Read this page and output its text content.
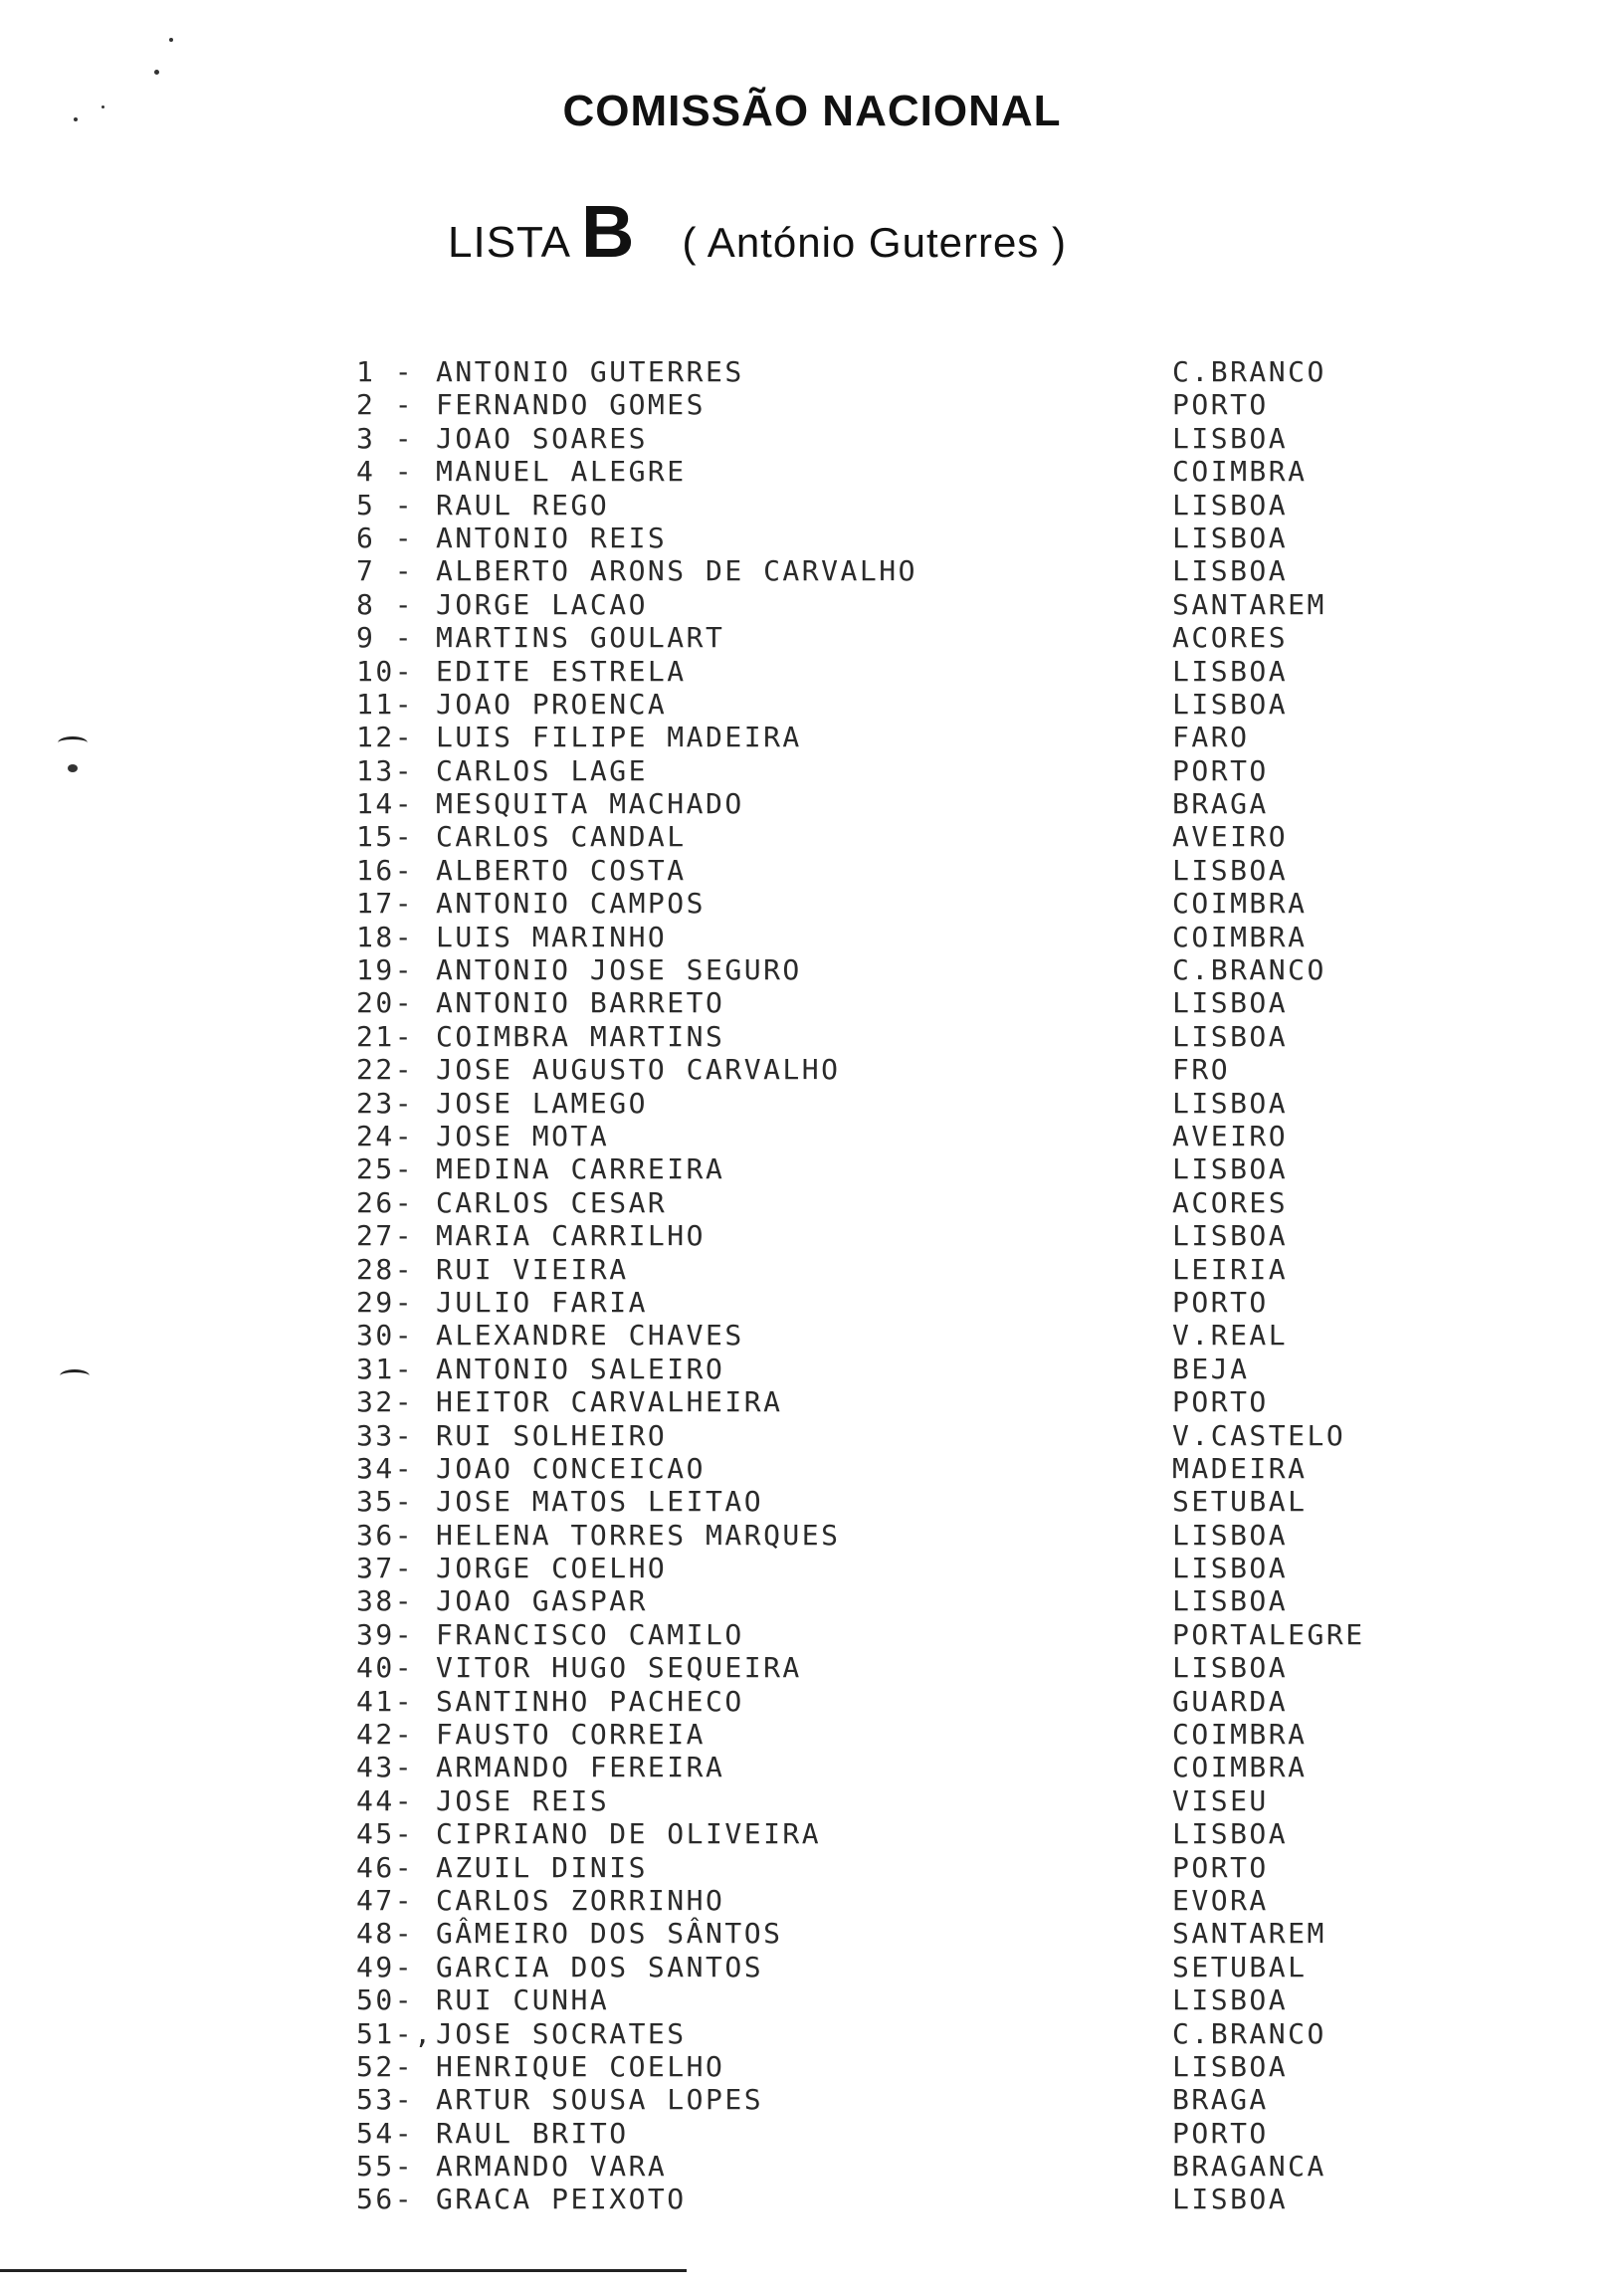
COMISSÃO NACIONAL
LISTA B ( António Guterres )
1 - ANTONIO GUTERRES	C.BRANCO
2 - FERNANDO GOMES	PORTO
3 - JOAO SOARES	LISBOA
4 - MANUEL ALEGRE	COIMBRA
5 - RAUL REGO	LISBOA
6 - ANTONIO REIS	LISBOA
7 - ALBERTO ARONS DE CARVALHO	LISBOA
8 - JORGE LACAO	SANTAREM
9 - MARTINS GOULART	ACORES
10- EDITE ESTRELA	LISBOA
11- JOAO PROENCA	LISBOA
12- LUIS FILIPE MADEIRA	FARO
13- CARLOS LAGE	PORTO
14- MESQUITA MACHADO	BRAGA
15- CARLOS CANDAL	AVEIRO
16- ALBERTO COSTA	LISBOA
17- ANTONIO CAMPOS	COIMBRA
18- LUIS MARINHO	COIMBRA
19- ANTONIO JOSE SEGURO	C.BRANCO
20- ANTONIO BARRETO	LISBOA
21- COIMBRA MARTINS	LISBOA
22- JOSE AUGUSTO CARVALHO	FRO
23- JOSE LAMEGO	LISBOA
24- JOSE MOTA	AVEIRO
25- MEDINA CARREIRA	LISBOA
26- CARLOS CESAR	ACORES
27- MARIA CARRILHO	LISBOA
28- RUI VIEIRA	LEIRIA
29- JULIO FARIA	PORTO
30- ALEXANDRE CHAVES	V.REAL
31- ANTONIO SALEIRO	BEJA
32- HEITOR CARVALHEIRA	PORTO
33- RUI SOLHEIRO	V.CASTELO
34- JOAO CONCEICAO	MADEIRA
35- JOSE MATOS LEITAO	SETUBAL
36- HELENA TORRES MARQUES	LISBOA
37- JORGE COELHO	LISBOA
38- JOAO GASPAR	LISBOA
39- FRANCISCO CAMILO	PORTALEGRE
40- VITOR HUGO SEQUEIRA	LISBOA
41- SANTINHO PACHECO	GUARDA
42- FAUSTO CORREIA	COIMBRA
43- ARMANDO FEREIRA	COIMBRA
44- JOSE REIS	VISEU
45- CIPRIANO DE OLIVEIRA	LISBOA
46- AZUIL DINIS	PORTO
47- CARLOS ZORRINHO	EVORA
48- GÂMEIRO DOS SÂNTOS	SANTAREM
49- GARCIA DOS SANTOS	SETUBAL
50- RUI CUNHA	LISBOA
51-, JOSE SOCRATES	C.BRANCO
52- HENRIQUE COELHO	LISBOA
53- ARTUR SOUSA LOPES	BRAGA
54- RAUL BRITO	PORTO
55- ARMANDO VARA	BRAGANCA
56- GRACA PEIXOTO	LISBOA
